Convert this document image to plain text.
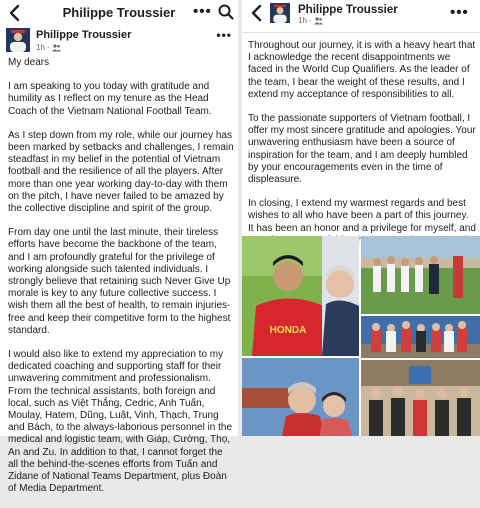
Philippe Troussier	•••
Philippe Troussier
1h ·
•••

My dears

I am speaking to you today with gratitude and humility as I reflect on my tenure as the Head Coach of the Vietnam National Football Team.

As I step down from my role, while our journey has been marked by setbacks and challenges, I remain steadfast in my belief in the potential of Vietnam football and the resilience of all the players. After more than one year working day-to-day with them on the pitch, I have never failed to be amazed by the collective discipline and spirit of the group.

From day one until the last minute, their tireless efforts have become the backbone of the team, and I am profoundly grateful for the privilege of working alongside such talented individuals. I strongly believe that retaining such Never Give Up morale is key to any future collective success. I wish them all the best of health, to remain injuries-free and keep their competitive form to the highest standard.

I would also like to extend my appreciation to my dedicated coaching and supporting staff for their unwavering commitment and professionalism. From the technical assistants, both foreign and local, such as Việt Thắng, Cedric, Anh Tuấn, Moulay, Hatem, Dũng, Luật, Vinh, Thạch, Trung and Bách, to the always-laborious personnel in the medical and logistic team, with Giáp, Cường, Thọ, An and Zu. In addition to that, I cannot forget the all the behind-the-scenes efforts from Tuấn and Zidane of National Teams Department, plus Đoàn of Media Department.

Philippe Troussier
1h ·	•••

Throughout our journey, it is with a heavy heart that I acknowledge the recent disappointments we faced in the World Cup Qualifiers. As the leader of the team, I bear the weight of these results, and I extend my acceptance of responsibilities to all.

To the passionate supporters of Vietnam football, I offer my most sincere gratitude and apologies. Your unwavering enthusiasm have been a source of inspiration for the team, and I am deeply humbled by your encouragements even in the time of displeasure.

In closing, I extend my warmest regards and best wishes to all who have been a part of this journey. It has been an honor and a privilege for myself, and

HONDA
